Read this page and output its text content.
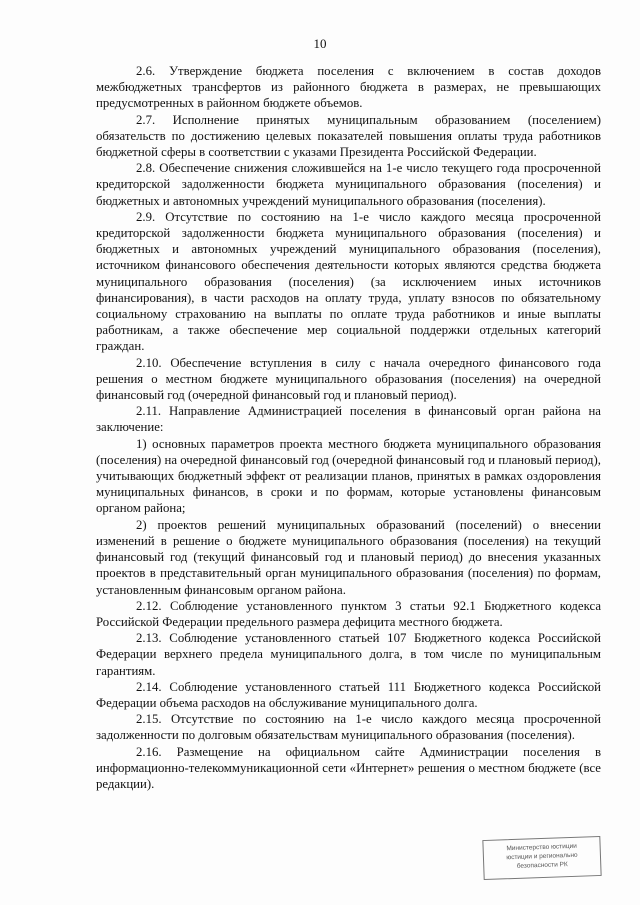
10

2.6. Утверждение бюджета поселения с включением в состав доходов межбюджетных трансфертов из районного бюджета в размерах, не превышающих предусмотренных в районном бюджете объемов.

2.7. Исполнение принятых муниципальным образованием (поселением) обязательств по достижению целевых показателей повышения оплаты труда работников бюджетной сферы в соответствии с указами Президента Российской Федерации.

2.8. Обеспечение снижения сложившейся на 1-е число текущего года просроченной кредиторской задолженности бюджета муниципального образования (поселения) и бюджетных и автономных учреждений муниципального образования (поселения).

2.9. Отсутствие по состоянию на 1-е число каждого месяца просроченной кредиторской задолженности бюджета муниципального образования (поселения) и бюджетных и автономных учреждений муниципального образования (поселения), источником финансового обеспечения деятельности которых являются средства бюджета муниципального образования (поселения) (за исключением иных источников финансирования), в части расходов на оплату труда, уплату взносов по обязательному социальному страхованию на выплаты по оплате труда работников и иные выплаты работникам, а также обеспечение мер социальной поддержки отдельных категорий граждан.

2.10. Обеспечение вступления в силу с начала очередного финансового года решения о местном бюджете муниципального образования (поселения) на очередной финансовый год (очередной финансовый год и плановый период).

2.11. Направление Администрацией поселения в финансовый орган района на заключение:

1) основных параметров проекта местного бюджета муниципального образования (поселения) на очередной финансовый год (очередной финансовый год и плановый период), учитывающих бюджетный эффект от реализации планов, принятых в рамках оздоровления муниципальных финансов, в сроки и по формам, которые установлены финансовым органом района;

2) проектов решений муниципальных образований (поселений) о внесении изменений в решение о бюджете муниципального образования (поселения) на текущий финансовый год (текущий финансовый год и плановый период) до внесения указанных проектов в представительный орган муниципального образования (поселения) по формам, установленным финансовым органом района.

2.12. Соблюдение установленного пунктом 3 статьи 92.1 Бюджетного кодекса Российской Федерации предельного размера дефицита местного бюджета.

2.13. Соблюдение установленного статьей 107 Бюджетного кодекса Российской Федерации верхнего предела муниципального долга, в том числе по муниципальным гарантиям.

2.14. Соблюдение установленного статьей 111 Бюджетного кодекса Российской Федерации объема расходов на обслуживание муниципального долга.

2.15. Отсутствие по состоянию на 1-е число каждого месяца просроченной задолженности по долговым обязательствам муниципального образования (поселения).

2.16. Размещение на официальном сайте Администрации поселения в информационно-телекоммуникационной сети «Интернет» решения о местном бюджете (все редакции).

Министерство юстиции
юстиции и регионально
безопасности РК
